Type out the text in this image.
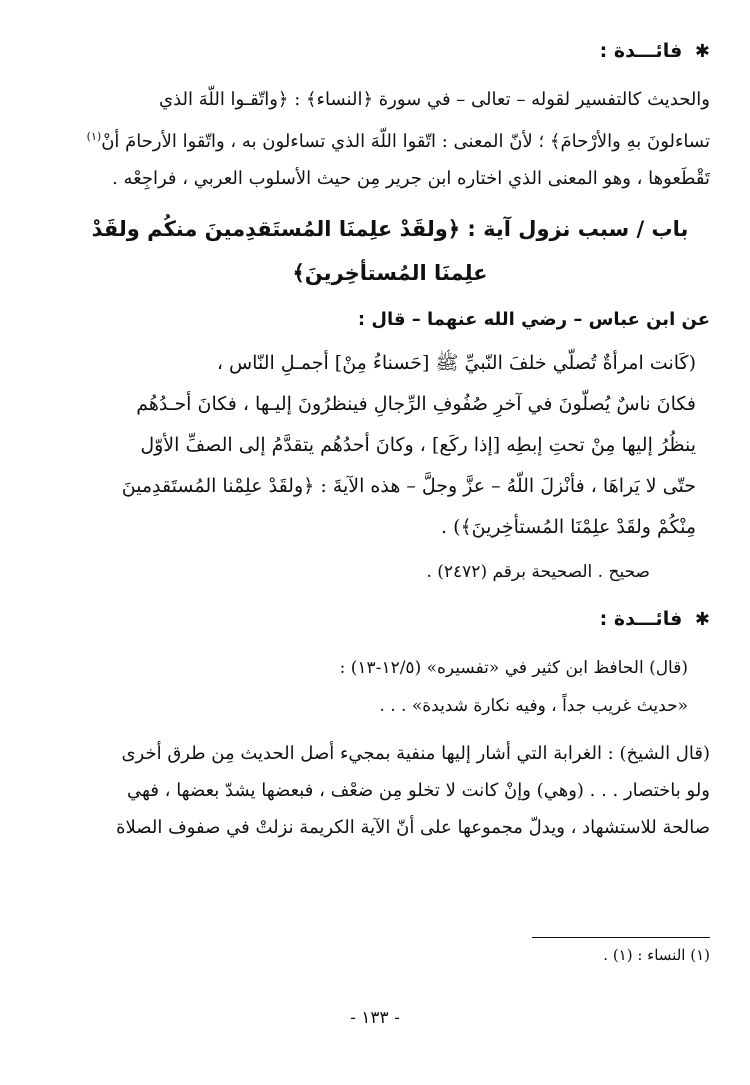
✱ فائـــدة :

والحديث كالتفسير لقوله – تعالى – في سورة ﴿النساء﴾ : ﴿واتّقـوا اللّهَ الذي

تساءلونَ بهِ والأرْحامَ﴾ ؛ لأنّ المعنى : اتّقوا اللّهَ الذي تساءلون به ، واتّقوا الأرحامَ أنْ$^{(١)}$

تَقْطَعوها ، وهو المعنى الذي اختاره ابن جرير مِن حيث الأسلوب العربي ، فراجِعْه .

باب / سبب نزول آية : ﴿ولقَدْ علِمنَا المُستَقدِمينَ منكُم ولقَدْ
علِمنَا المُستأخِرينَ﴾
عن ابن عباس – رضي الله عنهما – قال :

(كَانت امرأةٌ تُصلّي خلفَ النّبيِّ ﷺ [حَسناءُ مِنْ] أجمـلِ النّاس ،

فكانَ ناسٌ يُصلّونَ في آخرِ صُفُوفِ الرِّجالِ فينظرُونَ إليـها ، فكانَ أحـدُهُم

ينظُرُ إليها مِنْ تحتِ إبطِه [إذا ركَع] ، وكانَ أحدُهُم يتقدَّمُ إلى الصفِّ الأوّل

حتّى لا يَراهَا ، فأنْزلَ اللّهُ – عزَّ وجلَّ – هذه الآيةَ : ﴿ولقَدْ علِمْنا المُستَقدِمينَ

مِنْكُمْ ولقَدْ علِمْنَا المُستأخِرينَ﴾) .

صحيح . الصحيحة برقم (٢٤٧٢) .
✱ فائـــدة :
(قال) الحافظ ابن كثير في «تفسيره» (١٢/٥-١٣) :
«حديث غريب جداً ، وفيه نكارة شديدة» . . .

(قال الشيخ) : الغرابة التي أشار إليها منفية بمجيء أصل الحديث مِن طرق أخرى

ولو باختصار . . . (وهي) وإنْ كانت لا تخلو مِن ضعْف ، فبعضها يشدّ بعضها ، فهي

صالحة للاستشهاد ، ويدلّ مجموعها على أنّ الآية الكريمة نزلتْ في صفوف الصلاة

(١) النساء : (١) .
- ١٣٣ -
